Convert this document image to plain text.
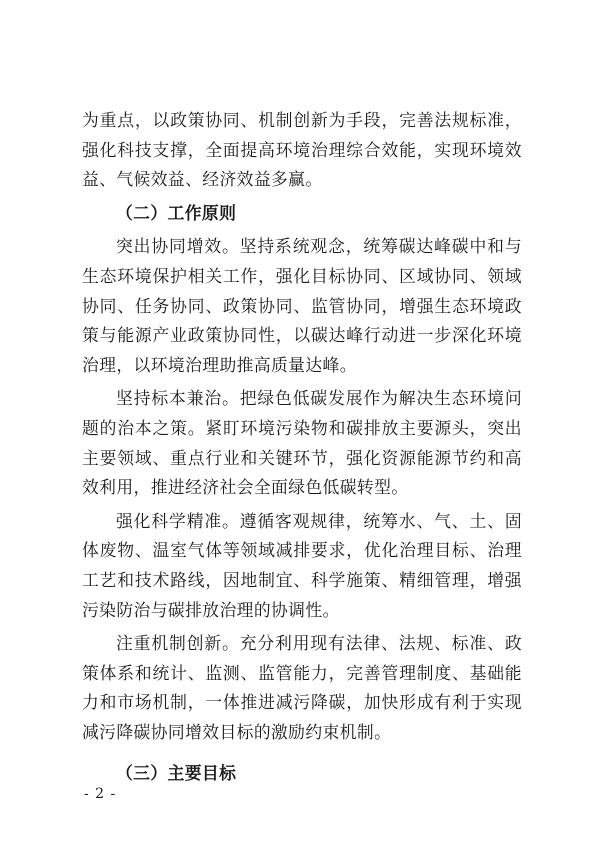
为重点，以政策协同、机制创新为手段，完善法规标准，强化科技支撑，全面提高环境治理综合效能，实现环境效益、气候效益、经济效益多赢。

（二）工作原则

突出协同增效。坚持系统观念，统筹碳达峰碳中和与生态环境保护相关工作，强化目标协同、区域协同、领域协同、任务协同、政策协同、监管协同，增强生态环境政策与能源产业政策协同性，以碳达峰行动进一步深化环境治理，以环境治理助推高质量达峰。

坚持标本兼治。把绿色低碳发展作为解决生态环境问题的治本之策。紧盯环境污染物和碳排放主要源头，突出主要领域、重点行业和关键环节，强化资源能源节约和高效利用，推进经济社会全面绿色低碳转型。

强化科学精准。遵循客观规律，统筹水、气、土、固体废物、温室气体等领域减排要求，优化治理目标、治理工艺和技术路线，因地制宜、科学施策、精细管理，增强污染防治与碳排放治理的协调性。

注重机制创新。充分利用现有法律、法规、标准、政策体系和统计、监测、监管能力，完善管理制度、基础能力和市场机制，一体推进减污降碳，加快形成有利于实现减污降碳协同增效目标的激励约束机制。

（三）主要目标

- 2 -
